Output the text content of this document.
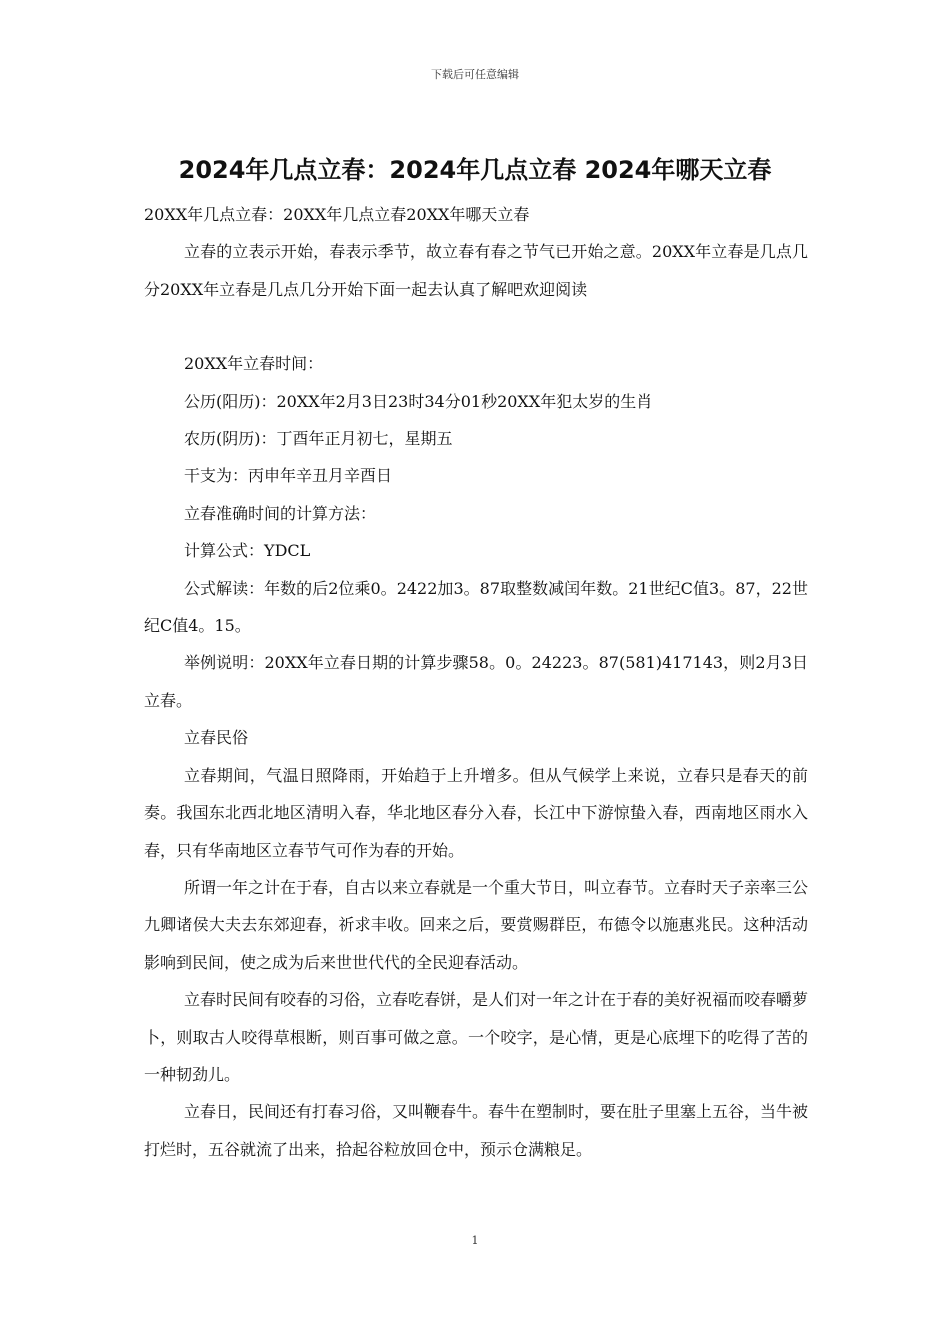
下载后可任意编辑
2024年几点立春：2024年几点立春 2024年哪天立春

20XX年几点立春：20XX年几点立春20XX年哪天立春

立春的立表示开始，春表示季节，故立春有春之节气已开始之意。20XX年立春是几点几分20XX年立春是几点几分开始下面一起去认真了解吧欢迎阅读

20XX年立春时间：

公历(阳历)：20XX年2月3日23时34分01秒20XX年犯太岁的生肖

农历(阴历)：丁酉年正月初七，星期五

干支为：丙申年辛丑月辛酉日

立春准确时间的计算方法：

计算公式：YDCL

公式解读：年数的后2位乘0。2422加3。87取整数减闰年数。21世纪C值3。87，22世纪C值4。15。

举例说明：20XX年立春日期的计算步骤58。0。24223。87(581)417143，则2月3日立春。

立春民俗

立春期间，气温日照降雨，开始趋于上升增多。但从气候学上来说，立春只是春天的前奏。我国东北西北地区清明入春，华北地区春分入春，长江中下游惊蛰入春，西南地区雨水入春，只有华南地区立春节气可作为春的开始。

所谓一年之计在于春，自古以来立春就是一个重大节日，叫立春节。立春时天子亲率三公九卿诸侯大夫去东郊迎春，祈求丰收。回来之后，要赏赐群臣，布德令以施惠兆民。这种活动影响到民间，使之成为后来世世代代的全民迎春活动。

立春时民间有咬春的习俗，立春吃春饼，是人们对一年之计在于春的美好祝福而咬春嚼萝卜，则取古人咬得草根断，则百事可做之意。一个咬字，是心情，更是心底埋下的吃得了苦的一种韧劲儿。

立春日，民间还有打春习俗，又叫鞭春牛。春牛在塑制时，要在肚子里塞上五谷，当牛被打烂时，五谷就流了出来，拾起谷粒放回仓中，预示仓满粮足。

1
